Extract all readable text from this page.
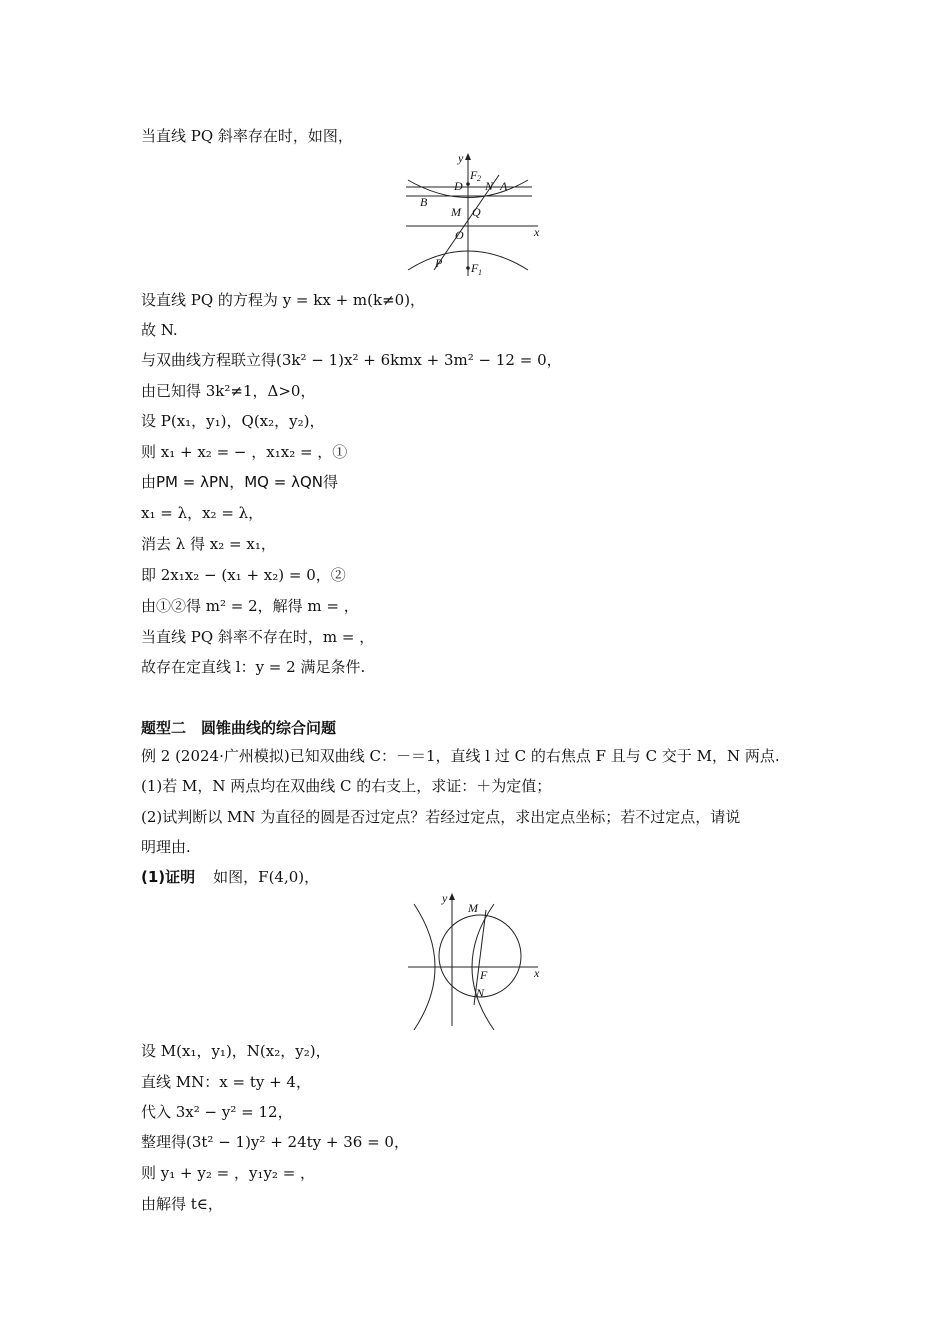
当直线 PQ 斜率存在时，如图，
y
x
F 2
D N A
B
M Q
O
P F 1
设直线 PQ 的方程为 y = kx + m(k≠0)，
故 N.
与双曲线方程联立得(3k² − 1)x² + 6kmx + 3m² − 12 = 0，
由已知得 3k²≠1，Δ>0，
设 P(x₁，y₁)，Q(x₂，y₂)，
则 x₁ + x₂ = − ，x₁x₂ = ，①
由PM = λPN，MQ = λQN得
x₁ = λ，x₂ = λ，
消去 λ 得 x₂ = x₁，
即 2x₁x₂ − (x₁ + x₂) = 0，②
由①②得 m² = 2，解得 m = ，
当直线 PQ 斜率不存在时，m = ，
故存在定直线 l：y = 2 满足条件.
题型二　圆锥曲线的综合问题
例 2 (2024·广州模拟)已知双曲线 C：－＝1，直线 l 过 C 的右焦点 F 且与 C 交于 M，N 两点.
(1)若 M，N 两点均在双曲线 C 的右支上，求证：＋为定值；
(2)试判断以 MN 为直径的圆是否过定点？若经过定点，求出定点坐标；若不过定点，请说
明理由.
(1)证明 如图，F(4,0)，
y
x
M
F
N
设 M(x₁，y₁)，N(x₂，y₂)，
直线 MN：x = ty + 4，
代入 3x² − y² = 12，
整理得(3t² − 1)y² + 24ty + 36 = 0，
则 y₁ + y₂ = ，y₁y₂ = ，
由解得 t∈，
